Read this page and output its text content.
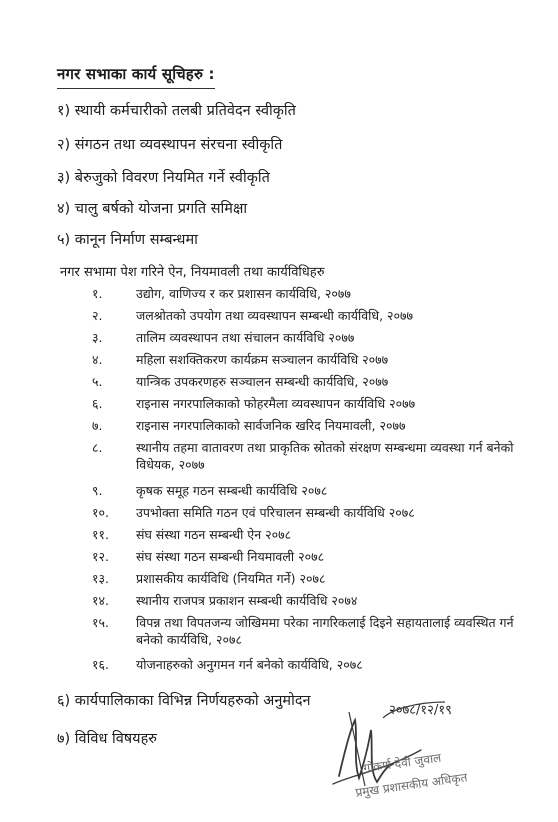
नगर सभाका कार्य सूचिहरु :
१) स्थायी कर्मचारीको तलबी प्रतिवेदन स्वीकृति
२) संगठन तथा व्यवस्थापन संरचना स्वीकृति
३) बेरुजुको विवरण नियमित गर्ने स्वीकृति
४) चालु बर्षको योजना प्रगति समिक्षा
५) कानून निर्माण सम्बन्धमा
नगर सभामा पेश गरिने ऐन, नियमावली तथा कार्यविधिहरु
१.	उद्योग, वाणिज्य र कर प्रशासन कार्यविधि, २०७७
२.	जलश्रोतको उपयोग तथा व्यवस्थापन सम्बन्धी कार्यविधि, २०७७
३.	तालिम व्यवस्थापन तथा संचालन कार्यविधि २०७७
४.	महिला सशक्तिकरण कार्यक्रम सञ्चालन कार्यविधि २०७७
५.	यान्त्रिक उपकरणहरु सञ्चालन सम्बन्धी कार्यविधि, २०७७
६.	राइनास नगरपालिकाको फोहरमैला व्यवस्थापन कार्यविधि २०७७
७.	राइनास नगरपालिकाको सार्वजनिक खरिद नियमावली, २०७७
८.	स्थानीय तहमा वातावरण तथा प्राकृतिक स्रोतको संरक्षण सम्बन्धमा व्यवस्था गर्न बनेको विधेयक, २०७७
९.	कृषक समूह गठन सम्बन्धी कार्यविधि २०७८
१०.	उपभोक्ता समिति गठन एवं परिचालन सम्बन्धी कार्यविधि २०७८
११.	संघ संस्था गठन सम्बन्धी ऐन २०७८
१२.	संघ संस्था गठन सम्बन्धी नियमावली २०७८
१३.	प्रशासकीय कार्यविधि (नियमित गर्ने) २०७८
१४.	स्थानीय राजपत्र प्रकाशन सम्बन्धी कार्यविधि २०७४
१५.	विपन्न तथा विपतजन्य जोखिममा परेका नागरिकलाई दिइने सहायतालाई व्यवस्थित गर्न बनेको कार्यविधि, २०७८
१६.	योजनाहरुको अनुगमन गर्न बनेको कार्यविधि, २०७८
६) कार्यपालिकाका विभिन्न निर्णयहरुको अनुमोदन
७) विविध विषयहरु
२०७८/१२/१९
गोकर्ण देवी जुवाल
प्रमुख प्रशासकीय अधिकृत
